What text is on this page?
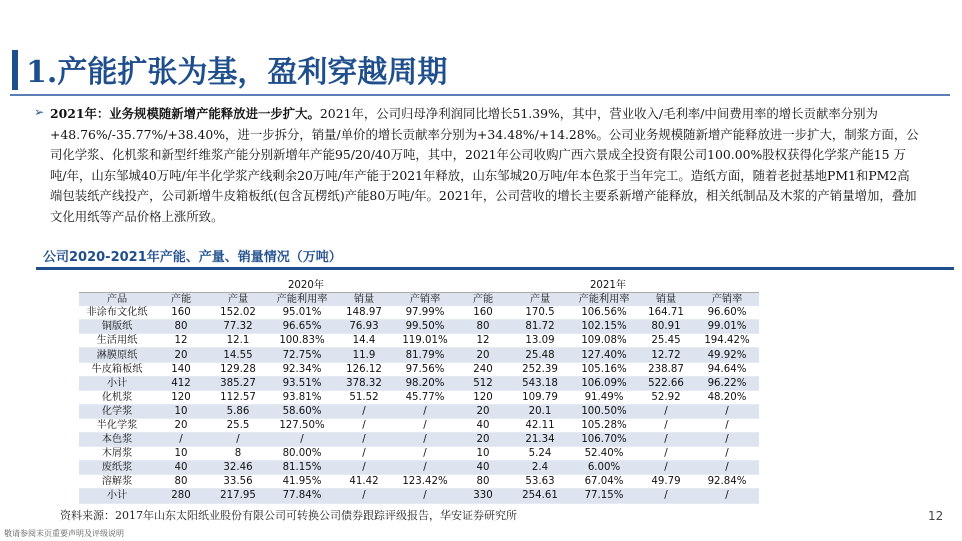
1.产能扩张为基，盈利穿越周期
➢ 2021年：业务规模随新增产能释放进一步扩大。2021年，公司归母净利润同比增长51.39%，其中，营业收入/毛利率/中间费用率的增长贡献率分别为+48.76%/-35.77%/+38.40%，进一步拆分，销量/单价的增长贡献率分别为+34.48%/+14.28%。公司业务规模随新增产能释放进一步扩大，制浆方面，公司化学浆、化机浆和新型纤维浆产能分别新增年产能95/20/40万吨，其中，2021年公司收购广西六景成全投资有限公司100.00%股权获得化学浆产能15 万吨/年，山东邹城40万吨/年半化学浆产线剩余20万吨/年产能于2021年释放，山东邹城20万吨/年本色浆于当年完工。造纸方面，随着老挝基地PM1和PM2高端包装纸产线投产，公司新增牛皮箱板纸(包含瓦楞纸)产能80万吨/年。2021年，公司营收的增长主要系新增产能释放，相关纸制品及木浆的产销量增加，叠加文化用纸等产品价格上涨所致。
公司2020-2021年产能、产量、销量情况（万吨）
	2020年					2021年				
产品	产能	产量	产能利用率	销量	产销率	产能	产量	产能利用率	销量	产销率
非涂布文化纸	160	152.02	95.01%	148.97	97.99%	160	170.5	106.56%	164.71	96.60%
铜版纸	80	77.32	96.65%	76.93	99.50%	80	81.72	102.15%	80.91	99.01%
生活用纸	12	12.1	100.83%	14.4	119.01%	12	13.09	109.08%	25.45	194.42%
淋膜原纸	20	14.55	72.75%	11.9	81.79%	20	25.48	127.40%	12.72	49.92%
牛皮箱板纸	140	129.28	92.34%	126.12	97.56%	240	252.39	105.16%	238.87	94.64%
小计	412	385.27	93.51%	378.32	98.20%	512	543.18	106.09%	522.66	96.22%
化机浆	120	112.57	93.81%	51.52	45.77%	120	109.79	91.49%	52.92	48.20%
化学浆	10	5.86	58.60%	/	/	20	20.1	100.50%	/	/
半化学浆	20	25.5	127.50%	/	/	40	42.11	105.28%	/	/
本色浆	/	/	/	/	/	20	21.34	106.70%	/	/
木屑浆	10	8	80.00%	/	/	10	5.24	52.40%	/	/
废纸浆	40	32.46	81.15%	/	/	40	2.4	6.00%	/	/
溶解浆	80	33.56	41.95%	41.42	123.42%	80	53.63	67.04%	49.79	92.84%
小计	280	217.95	77.84%	/	/	330	254.61	77.15%	/	/
资料来源：2017年山东太阳纸业股份有限公司可转换公司债券跟踪评级报告，华安证券研究所	12
敬请参阅末页重要声明及评级说明
